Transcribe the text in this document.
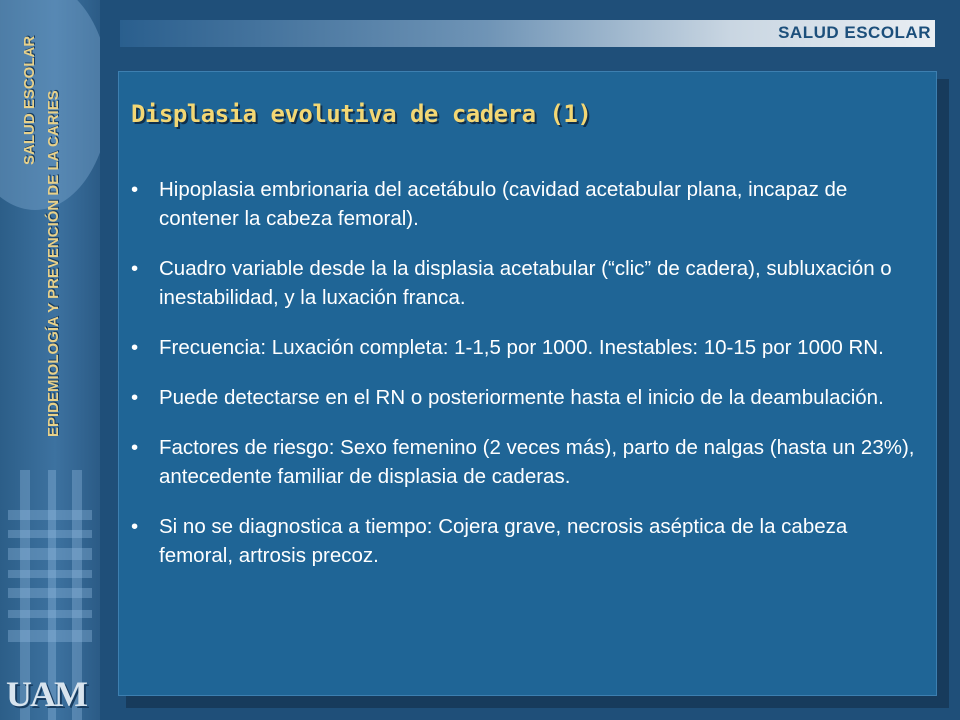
SALUD ESCOLAR EPIDEMIOLOGÍA Y PREVENCIÓN DE LA CARIES
UAM
SALUD ESCOLAR
Displasia evolutiva de cadera (1)
• Hipoplasia embrionaria del acetábulo (cavidad acetabular plana, incapaz de contener la cabeza femoral).
• Cuadro variable desde la la displasia acetabular (“clic” de cadera), subluxación o inestabilidad, y la luxación franca.
• Frecuencia: Luxación completa: 1-1,5 por 1000. Inestables: 10-15 por 1000 RN.
• Puede detectarse en el RN o posteriormente hasta el inicio de la deambulación.
• Factores de riesgo: Sexo femenino (2 veces más), parto de nalgas (hasta un 23%), antecedente familiar de displasia de caderas.
• Si no se diagnostica a tiempo: Cojera grave, necrosis aséptica de la cabeza femoral, artrosis precoz.
